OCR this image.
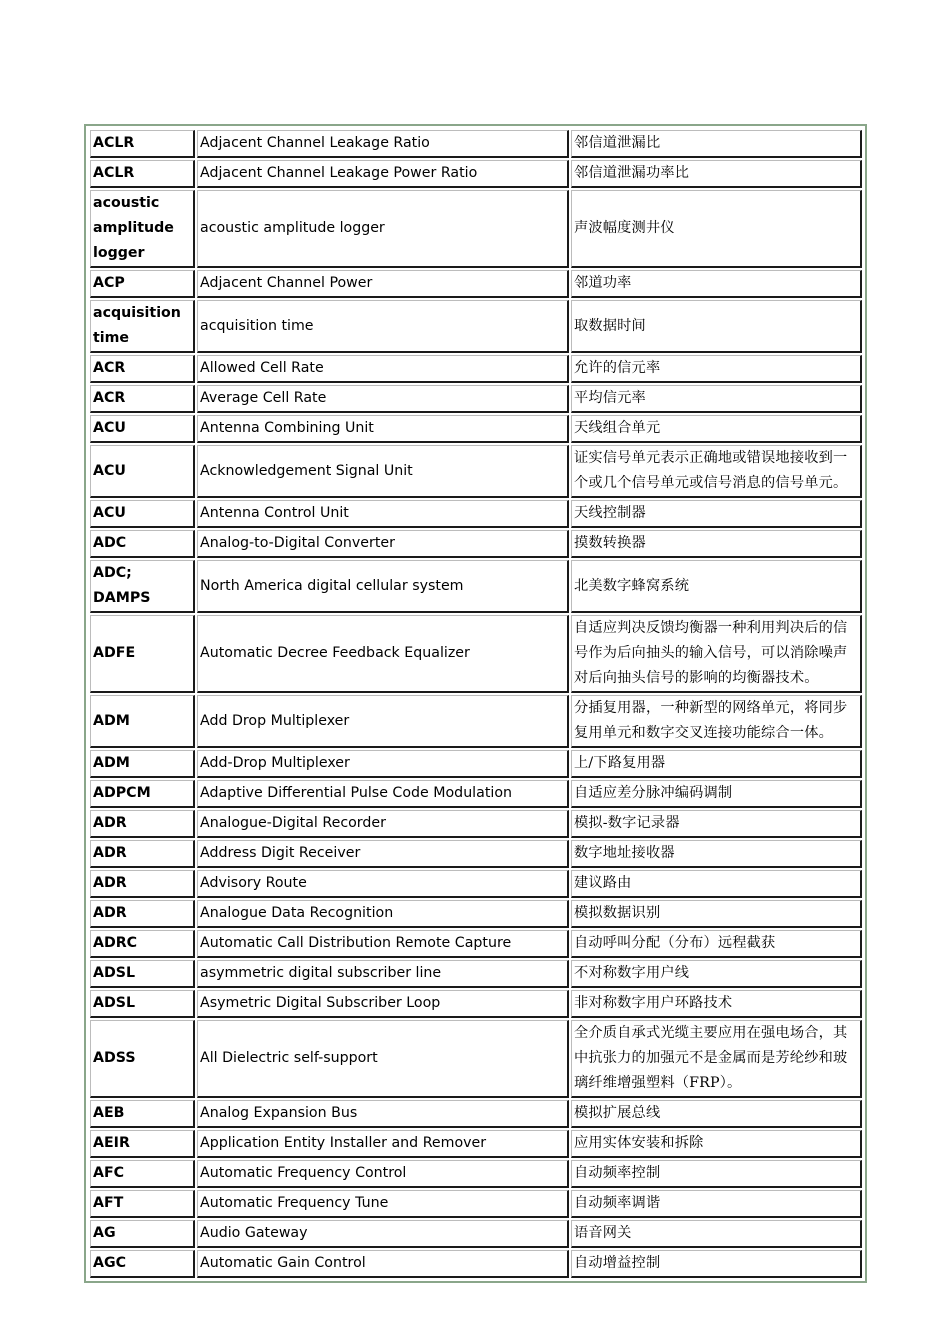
ACLR	Adjacent Channel Leakage Ratio	邻信道泄漏比
ACLR	Adjacent Channel Leakage Power Ratio	邻信道泄漏功率比
acoustic amplitude logger	acoustic amplitude logger	声波幅度测井仪
ACP	Adjacent Channel Power	邻道功率
acquisition time	acquisition time	取数据时间
ACR	Allowed Cell Rate	允许的信元率
ACR	Average Cell Rate	平均信元率
ACU	Antenna Combining Unit	天线组合单元
ACU	Acknowledgement Signal Unit	证实信号单元表示正确地或错误地接收到一个或几个信号单元或信号消息的信号单元。
ACU	Antenna Control Unit	天线控制器
ADC	Analog-to-Digital Converter	摸数转换器
ADC; DAMPS	North America digital cellular system	北美数字蜂窝系统
ADFE	Automatic Decree Feedback Equalizer	自适应判决反馈均衡器一种利用判决后的信号作为后向抽头的输入信号，可以消除噪声对后向抽头信号的影响的均衡器技术。
ADM	Add Drop Multiplexer	分插复用器，一种新型的网络单元，将同步复用单元和数字交叉连接功能综合一体。
ADM	Add-Drop Multiplexer	上/下路复用器
ADPCM	Adaptive Differential Pulse Code Modulation	自适应差分脉冲编码调制
ADR	Analogue-Digital Recorder	模拟-数字记录器
ADR	Address Digit Receiver	数字地址接收器
ADR	Advisory Route	建议路由
ADR	Analogue Data Recognition	模拟数据识别
ADRC	Automatic Call Distribution Remote Capture	自动呼叫分配（分布）远程截获
ADSL	asymmetric digital subscriber line	不对称数字用户线
ADSL	Asymetric Digital Subscriber Loop	非对称数字用户环路技术
ADSS	All Dielectric self-support	全介质自承式光缆主要应用在强电场合，其中抗张力的加强元不是金属而是芳纶纱和玻璃纤维增强塑料（FRP）。
AEB	Analog Expansion Bus	模拟扩展总线
AEIR	Application Entity Installer and Remover	应用实体安装和拆除
AFC	Automatic Frequency Control	自动频率控制
AFT	Automatic Frequency Tune	自动频率调谐
AG	Audio Gateway	语音网关
AGC	Automatic Gain Control	自动增益控制
